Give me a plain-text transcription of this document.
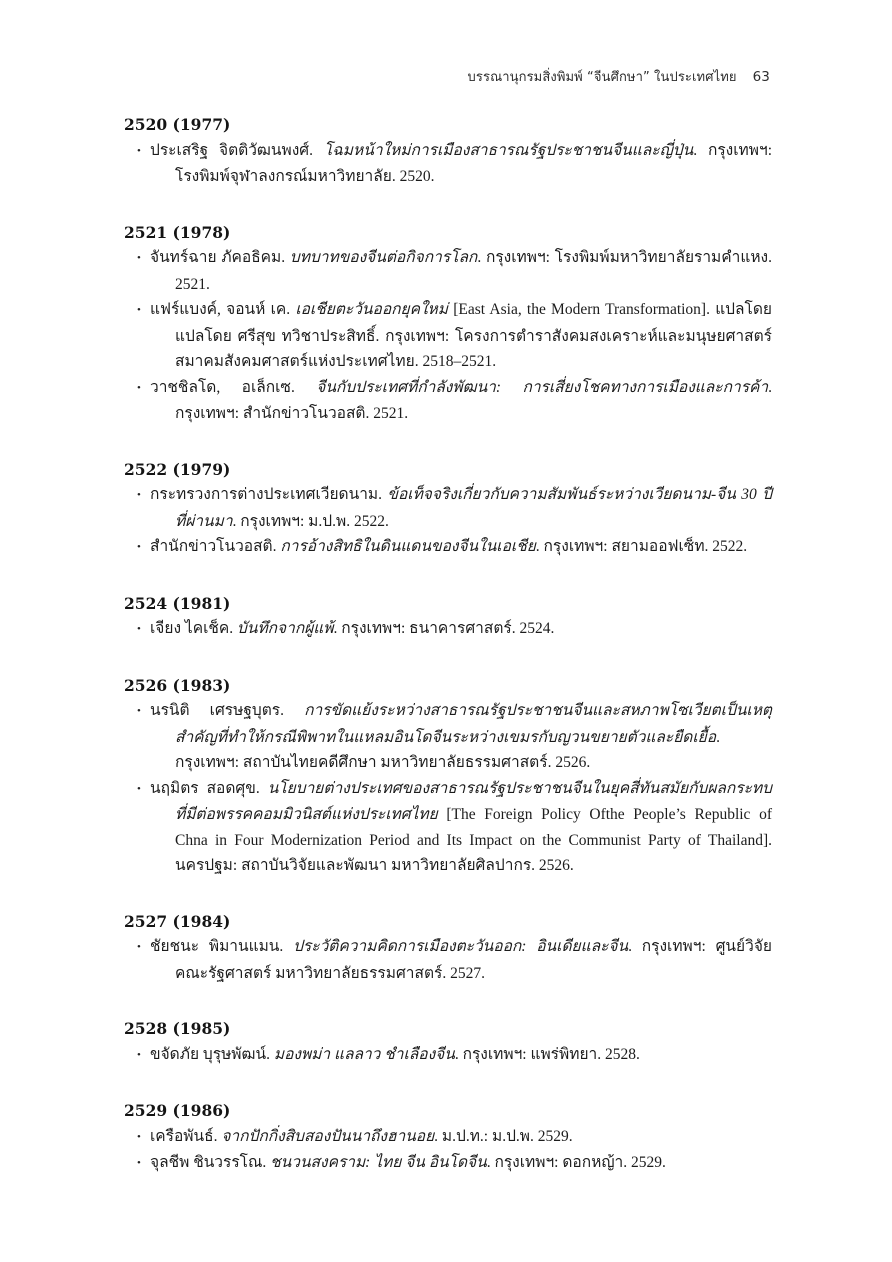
บรรณานุกรมสิ่งพิมพ์ “จีนศึกษา” ในประเทศไทย 63
2520 (1977)
• ประเสริฐ จิตติวัฒนพงศ์. โฉมหน้าใหม่การเมืองสาธารณรัฐประชาชนจีนและญี่ปุ่น. กรุงเทพฯ: โรงพิมพ์จุฬาลงกรณ์มหาวิทยาลัย. 2520.
2521 (1978)
• จันทร์ฉาย ภัคอธิคม. บทบาทของจีนต่อกิจการโลก. กรุงเทพฯ: โรงพิมพ์มหาวิทยาลัยรามคำแหง. 2521.
• แฟร์แบงค์, จอนห์ เค. เอเชียตะวันออกยุคใหม่ [East Asia, the Modern Transformation]. แปลโดย แปลโดย ศรีสุข ทวิชาประสิทธิ์. กรุงเทพฯ: โครงการตำราสังคมสงเคราะห์และมนุษยศาสตร์ สมาคมสังคมศาสตร์แห่งประเทศไทย. 2518–2521.
• วาชชิลโด, อเล็กเซ. จีนกับประเทศที่กำลังพัฒนา: การเสี่ยงโชคทางการเมืองและการค้า. กรุงเทพฯ: สำนักข่าวโนวอสติ. 2521.
2522 (1979)
• กระทรวงการต่างประเทศเวียดนาม. ข้อเท็จจริงเกี่ยวกับความสัมพันธ์ระหว่างเวียดนาม-จีน 30 ปีที่ผ่านมา. กรุงเทพฯ: ม.ป.พ. 2522.
• สำนักข่าวโนวอสติ. การอ้างสิทธิในดินแดนของจีนในเอเชีย. กรุงเทพฯ: สยามออฟเซ็ท. 2522.
2524 (1981)
• เจียง ไคเช็ค. บันทึกจากผู้แพ้. กรุงเทพฯ: ธนาคารศาสตร์. 2524.
2526 (1983)
• นรนิติ เศรษฐบุตร. การขัดแย้งระหว่างสาธารณรัฐประชาชนจีนและสหภาพโซเวียตเป็นเหตุสำคัญที่ทำให้กรณีพิพาทในแหลมอินโดจีนระหว่างเขมรกับญวนขยายตัวและยืดเยื้อ. กรุงเทพฯ: สถาบันไทยคดีศึกษา มหาวิทยาลัยธรรมศาสตร์. 2526.
• นฤมิตร สอดศุข. นโยบายต่างประเทศของสาธารณรัฐประชาชนจีนในยุคสี่ทันสมัยกับผลกระทบที่มีต่อพรรคคอมมิวนิสต์แห่งประเทศไทย [The Foreign Policy Ofthe People’s Republic of Chna in Four Modernization Period and Its Impact on the Communist Party of Thailand]. นครปฐม: สถาบันวิจัยและพัฒนา มหาวิทยาลัยศิลปากร. 2526.
2527 (1984)
• ชัยชนะ พิมานแมน. ประวัติความคิดการเมืองตะวันออก: อินเดียและจีน. กรุงเทพฯ: ศูนย์วิจัย คณะรัฐศาสตร์ มหาวิทยาลัยธรรมศาสตร์. 2527.
2528 (1985)
• ขจัดภัย บุรุษพัฒน์. มองพม่า แลลาว ชำเลืองจีน. กรุงเทพฯ: แพร่พิทยา. 2528.
2529 (1986)
• เครือพันธ์. จากปักกิ่งสิบสองปันนาถึงฮานอย. ม.ป.ท.: ม.ป.พ. 2529.
• จุลชีพ ชินวรรโณ. ชนวนสงคราม: ไทย จีน อินโดจีน. กรุงเทพฯ: ดอกหญ้า. 2529.
